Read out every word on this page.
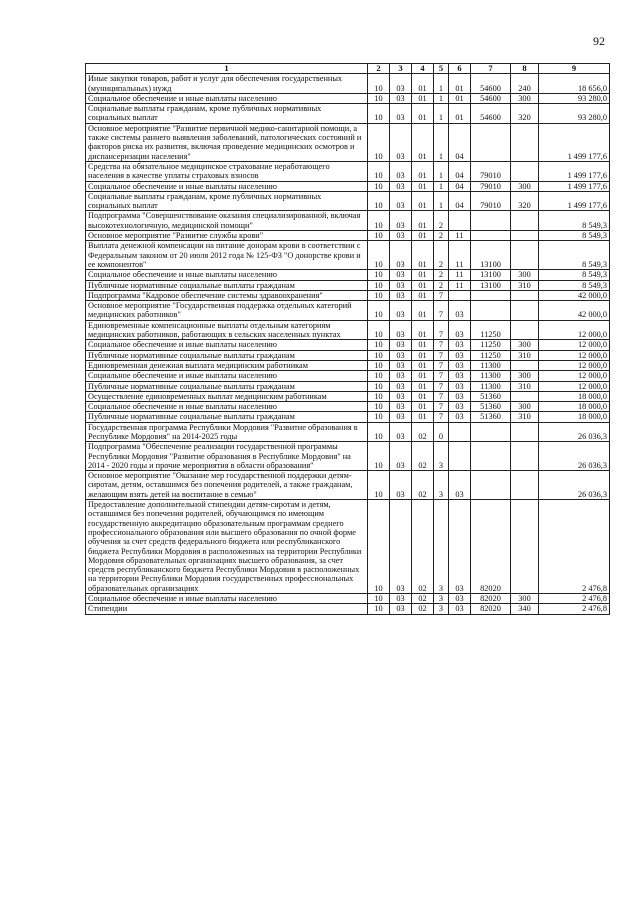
92
1	2	3	4	5	6	7	8	9
Иные закупки товаров, работ и услуг для обеспечения государственных (муниципальных) нужд	10	03	01	1	01	54600	240	18 656,0
Социальное обеспечение и иные выплаты населению	10	03	01	1	01	54600	300	93 280,0
Социальные выплаты гражданам, кроме публичных нормативных социальных выплат	10	03	01	1	01	54600	320	93 280,0
Основное мероприятие "Развитие первичной медико-санитарной помощи, а также системы раннего выявления заболеваний, патологических состояний и факторов риска их развития, включая проведение медицинских осмотров и диспансеризации населения"	10	03	01	1	04			1 499 177,6
Средства на обязательное медицинское страхование неработающего населения в качестве уплаты страховых взносов	10	03	01	1	04	79010		1 499 177,6
Социальное обеспечение и иные выплаты населению	10	03	01	1	04	79010	300	1 499 177,6
Социальные выплаты гражданам, кроме публичных нормативных социальных выплат	10	03	01	1	04	79010	320	1 499 177,6
Подпрограмма "Совершенствование оказания специализированной, включая высокотехнологичную, медицинской помощи"	10	03	01	2				8 549,3
Основное мероприятие "Развитие службы крови"	10	03	01	2	11			8 549,3
Выплата денежной компенсации на питание донорам крови в соответствии с Федеральным законом от 20 июля 2012 года № 125-ФЗ "О донорстве крови и ее компонентов"	10	03	01	2	11	13100		8 549,3
Социальное обеспечение и иные выплаты населению	10	03	01	2	11	13100	300	8 549,3
Публичные нормативные социальные выплаты гражданам	10	03	01	2	11	13100	310	8 549,3
Подпрограмма "Кадровое обеспечение системы здравоохранения"	10	03	01	7				42 000,0
Основное мероприятие "Государственная поддержка отдельных категорий медицинских работников"	10	03	01	7	03			42 000,0
Единовременные компенсационные выплаты отдельным категориям медицинских работников, работающих в сельских населенных пунктах	10	03	01	7	03	11250		12 000,0
Социальное обеспечение и иные выплаты населению	10	03	01	7	03	11250	300	12 000,0
Публичные нормативные социальные выплаты гражданам	10	03	01	7	03	11250	310	12 000,0
Единовременная денежная выплата медицинским работникам	10	03	01	7	03	11300		12 000,0
Социальное обеспечение и иные выплаты населению	10	03	01	7	03	11300	300	12 000,0
Публичные нормативные социальные выплаты гражданам	10	03	01	7	03	11300	310	12 000,0
Осуществление единовременных выплат медицинским работникам	10	03	01	7	03	51360		18 000,0
Социальное обеспечение и иные выплаты населению	10	03	01	7	03	51360	300	18 000,0
Публичные нормативные социальные выплаты гражданам	10	03	01	7	03	51360	310	18 000,0
Государственная программа Республики Мордовия "Развитие образования в Республике Мордовия" на 2014-2025 годы	10	03	02	0				26 036,3
Подпрограмма "Обеспечение реализации государственной программы Республики Мордовия "Развитие образования в Республике Мордовия" на 2014 - 2020 годы и прочие мероприятия в области образования"	10	03	02	3				26 036,3
Основное мероприятие "Оказание мер государственной поддержки детям-сиротам, детям, оставшимся без попечения родителей, а также гражданам, желающим взять детей на воспитание в семью"	10	03	02	3	03			26 036,3
Предоставление дополнительной стипендии детям-сиротам и детям, оставшимся без попечения родителей, обучающимся по имеющим государственную аккредитацию образовательным программам среднего профессионального образования или высшего образования по очной форме обучения за счет средств федерального бюджета или республиканского бюджета Республики Мордовия в расположенных на территории Республики Мордовия образовательных организациях высшего образования, за счет средств республиканского бюджета Республики Мордовия в расположенных на территории Республики Мордовия государственных профессиональных образовательных организациях	10	03	02	3	03	82020		2 476,8
Социальное обеспечение и иные выплаты населению	10	03	02	3	03	82020	300	2 476,8
Стипендии	10	03	02	3	03	82020	340	2 476,8
